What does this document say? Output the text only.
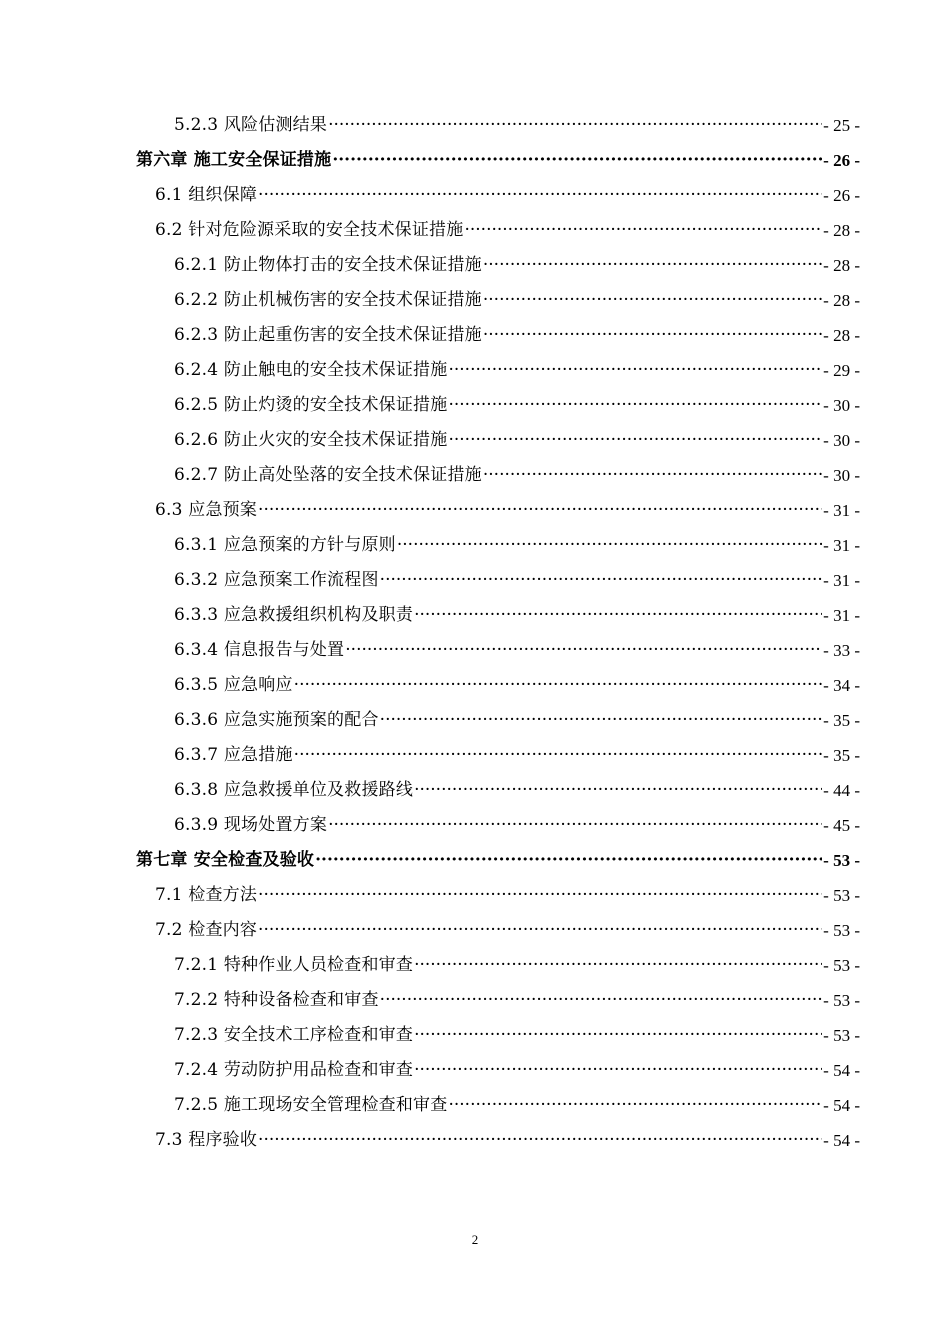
5.2.3 风险估测结果 ·····	- 25 -
第六章 施工安全保证措施 ·····	- 26 -
6.1 组织保障 ·····	- 26 -
6.2 针对危险源采取的安全技术保证措施 ·····	- 28 -
6.2.1 防止物体打击的安全技术保证措施 ·····	- 28 -
6.2.2 防止机械伤害的安全技术保证措施 ·····	- 28 -
6.2.3 防止起重伤害的安全技术保证措施 ·····	- 28 -
6.2.4 防止触电的安全技术保证措施 ·····	- 29 -
6.2.5 防止灼烫的安全技术保证措施 ·····	- 30 -
6.2.6 防止火灾的安全技术保证措施 ·····	- 30 -
6.2.7 防止高处坠落的安全技术保证措施 ·····	- 30 -
6.3 应急预案 ·····	- 31 -
6.3.1 应急预案的方针与原则 ·····	- 31 -
6.3.2 应急预案工作流程图 ·····	- 31 -
6.3.3 应急救援组织机构及职责 ·····	- 31 -
6.3.4 信息报告与处置 ·····	- 33 -
6.3.5 应急响应 ·····	- 34 -
6.3.6 应急实施预案的配合 ·····	- 35 -
6.3.7 应急措施 ·····	- 35 -
6.3.8 应急救援单位及救援路线 ·····	- 44 -
6.3.9 现场处置方案 ·····	- 45 -
第七章 安全检查及验收 ·····	- 53 -
7.1 检查方法 ·····	- 53 -
7.2 检查内容 ·····	- 53 -
7.2.1 特种作业人员检查和审查 ·····	- 53 -
7.2.2 特种设备检查和审查 ·····	- 53 -
7.2.3 安全技术工序检查和审查 ·····	- 53 -
7.2.4 劳动防护用品检查和审查 ·····	- 54 -
7.2.5 施工现场安全管理检查和审查 ·····	- 54 -
7.3 程序验收 ·····	- 54 -
2
